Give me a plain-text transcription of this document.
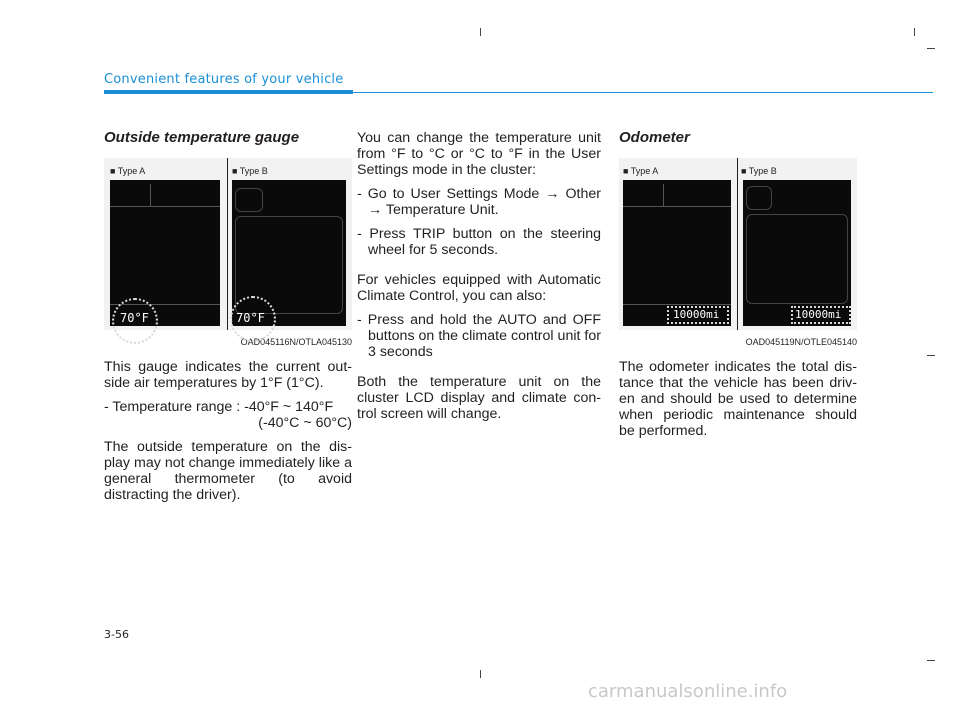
Convenient features of your vehicle
Outside temperature gauge
■ Type A	■ Type B
70°F	70°F
OAD045116N/OTLA045130

This gauge indicates the current out-side air temperatures by 1°F (1°C).

- Temperature range : -40°F ~ 140°F

(-40°C ~ 60°C)

The outside temperature on the dis-play may not change immediately like a general thermometer (to avoid distracting the driver).

You can change the temperature unit from °F to °C or °C to °F in the User Settings mode in the cluster:

- Go to User Settings Mode → Other → Temperature Unit.

- Press TRIP button on the steering wheel for 5 seconds.

For vehicles equipped with Automatic Climate Control, you can also:

- Press and hold the AUTO and OFF buttons on the climate control unit for 3 seconds

Both the temperature unit on the cluster LCD display and climate con-trol screen will change.

Odometer
■ Type A	■ Type B
10000mi	10000mi
OAD045119N/OTLE045140

The odometer indicates the total dis-tance that the vehicle has been driv-en and should be used to determine when periodic maintenance should be performed.

3-56
carmanualsonline.info
